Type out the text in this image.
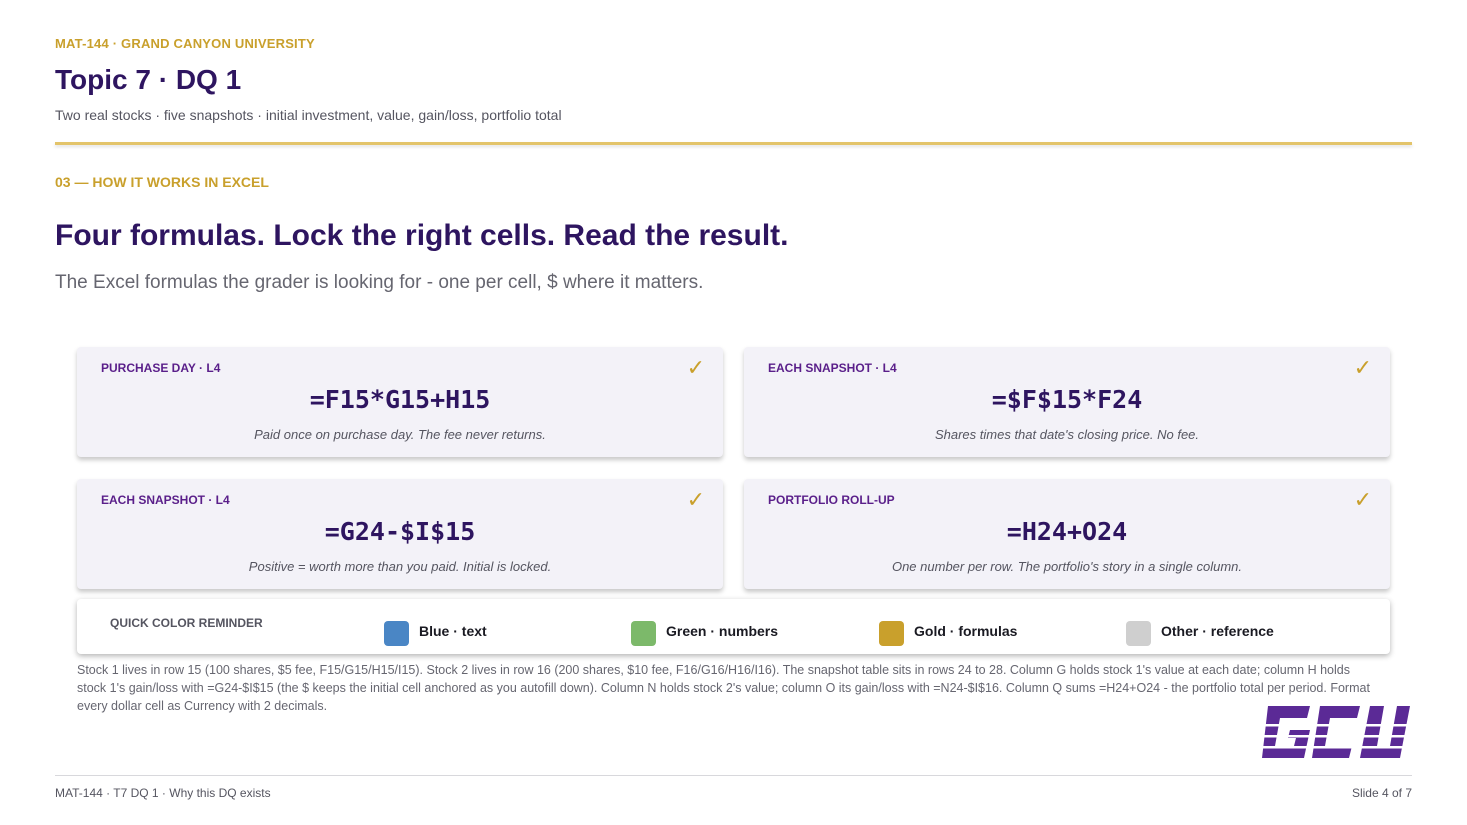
MAT-144 · GRAND CANYON UNIVERSITY
Topic 7 · DQ 1
Two real stocks · five snapshots · initial investment, value, gain/loss, portfolio total
03 — HOW IT WORKS IN EXCEL
Four formulas. Lock the right cells. Read the result.
The Excel formulas the grader is looking for - one per cell, $ where it matters.
PURCHASE DAY · L4	✓
=F15*G15+H15
Paid once on purchase day. The fee never returns.
EACH SNAPSHOT · L4	✓
=$F$15*F24
Shares times that date's closing price. No fee.
EACH SNAPSHOT · L4	✓
=G24-$I$15
Positive = worth more than you paid. Initial is locked.
PORTFOLIO ROLL-UP	✓
=H24+O24
One number per row. The portfolio's story in a single column.
QUICK COLOR REMINDER	Blue · text	Green · numbers	Gold · formulas	Other · reference
Stock 1 lives in row 15 (100 shares, $5 fee, F15/G15/H15/I15). Stock 2 lives in row 16 (200 shares, $10 fee, F16/G16/H16/I16). The snapshot table sits in rows 24 to 28. Column G holds stock 1's value at each date; column H holds stock 1's gain/loss with =G24-$I$15 (the $ keeps the initial cell anchored as you autofill down). Column N holds stock 2's value; column O its gain/loss with =N24-$I$16. Column Q sums =H24+O24 - the portfolio total per period. Format every dollar cell as Currency with 2 decimals.
MAT-144 · T7 DQ 1 · Why this DQ exists	Slide 4 of 7
